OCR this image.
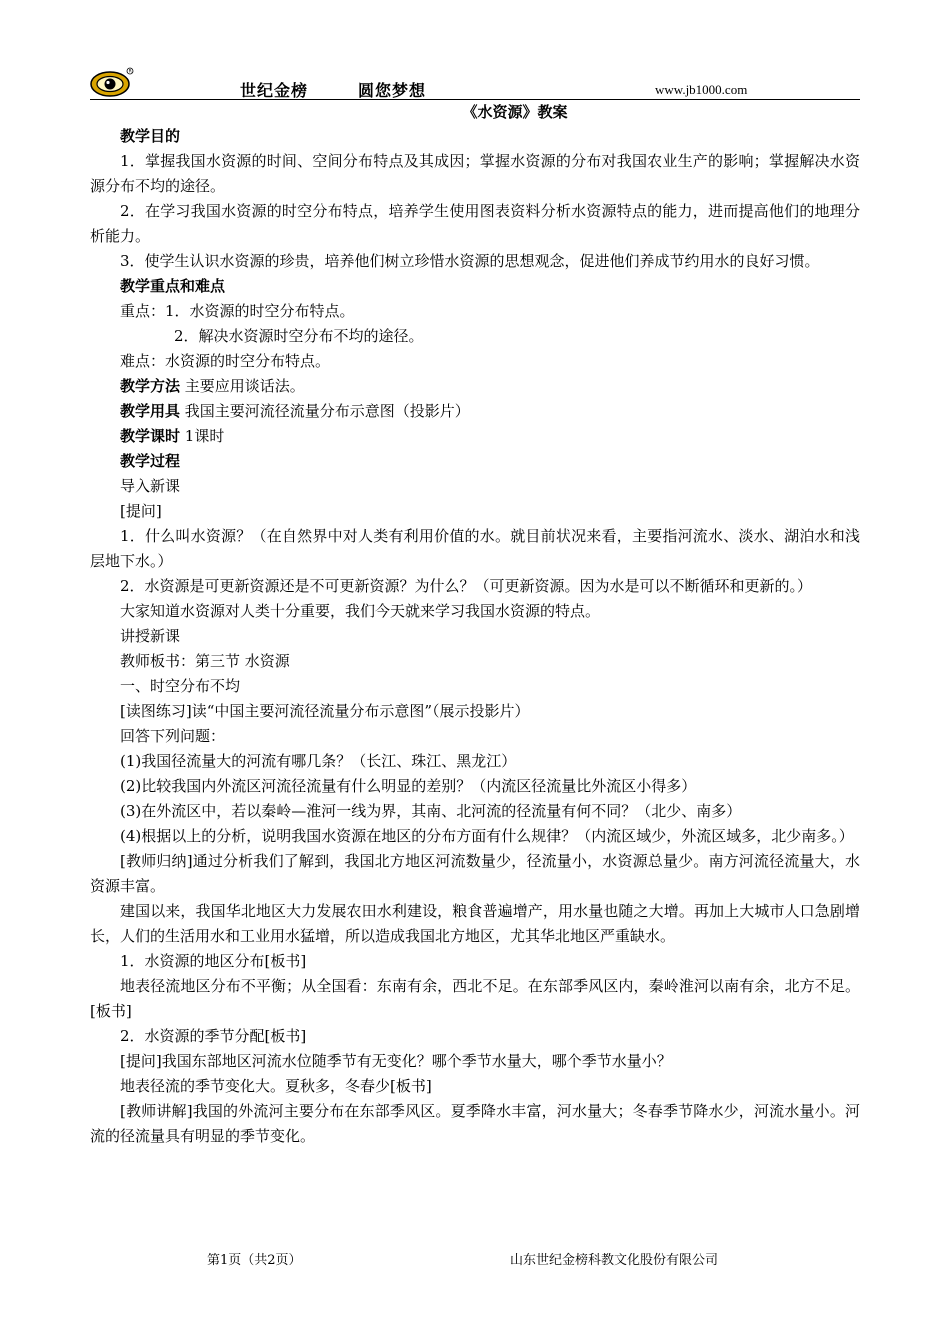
R
世纪金榜	圆您梦想	www.jb1000.com
《水资源》教案

教学目的

1．掌握我国水资源的时间、空间分布特点及其成因；掌握水资源的分布对我国农业生产的影响；掌握解决水资源分布不均的途径。

2．在学习我国水资源的时空分布特点，培养学生使用图表资料分析水资源特点的能力，进而提高他们的地理分析能力。

3．使学生认识水资源的珍贵，培养他们树立珍惜水资源的思想观念，促进他们养成节约用水的良好习惯。

教学重点和难点

重点：1．水资源的时空分布特点。

2．解决水资源时空分布不均的途径。

难点：水资源的时空分布特点。

教学方法 主要应用谈话法。

教学用具 我国主要河流径流量分布示意图（投影片）

教学课时 1课时

教学过程

导入新课

[提问]

1．什么叫水资源？（在自然界中对人类有利用价值的水。就目前状况来看，主要指河流水、淡水、湖泊水和浅层地下水。）

2．水资源是可更新资源还是不可更新资源？为什么？（可更新资源。因为水是可以不断循环和更新的。）

大家知道水资源对人类十分重要，我们今天就来学习我国水资源的特点。

讲授新课

教师板书：第三节 水资源

一、时空分布不均

[读图练习]读“中国主要河流径流量分布示意图”（展示投影片）

回答下列问题：

(1)我国径流量大的河流有哪几条？（长江、珠江、黑龙江）

(2)比较我国内外流区河流径流量有什么明显的差别？（内流区径流量比外流区小得多）

(3)在外流区中，若以秦岭—淮河一线为界，其南、北河流的径流量有何不同？（北少、南多）

(4)根据以上的分析，说明我国水资源在地区的分布方面有什么规律？（内流区域少，外流区域多，北少南多。）

[教师归纳]通过分析我们了解到，我国北方地区河流数量少，径流量小，水资源总量少。南方河流径流量大，水资源丰富。

建国以来，我国华北地区大力发展农田水利建设，粮食普遍增产，用水量也随之大增。再加上大城市人口急剧增长，人们的生活用水和工业用水猛增，所以造成我国北方地区，尤其华北地区严重缺水。

1．水资源的地区分布[板书]

地表径流地区分布不平衡；从全国看：东南有余，西北不足。在东部季风区内，秦岭淮河以南有余，北方不足。[板书]

2．水资源的季节分配[板书]

[提问]我国东部地区河流水位随季节有无变化？哪个季节水量大，哪个季节水量小？

地表径流的季节变化大。夏秋多，冬春少[板书]

[教师讲解]我国的外流河主要分布在东部季风区。夏季降水丰富，河水量大；冬春季节降水少，河流水量小。河流的径流量具有明显的季节变化。

第1页（共2页）	山东世纪金榜科教文化股份有限公司
